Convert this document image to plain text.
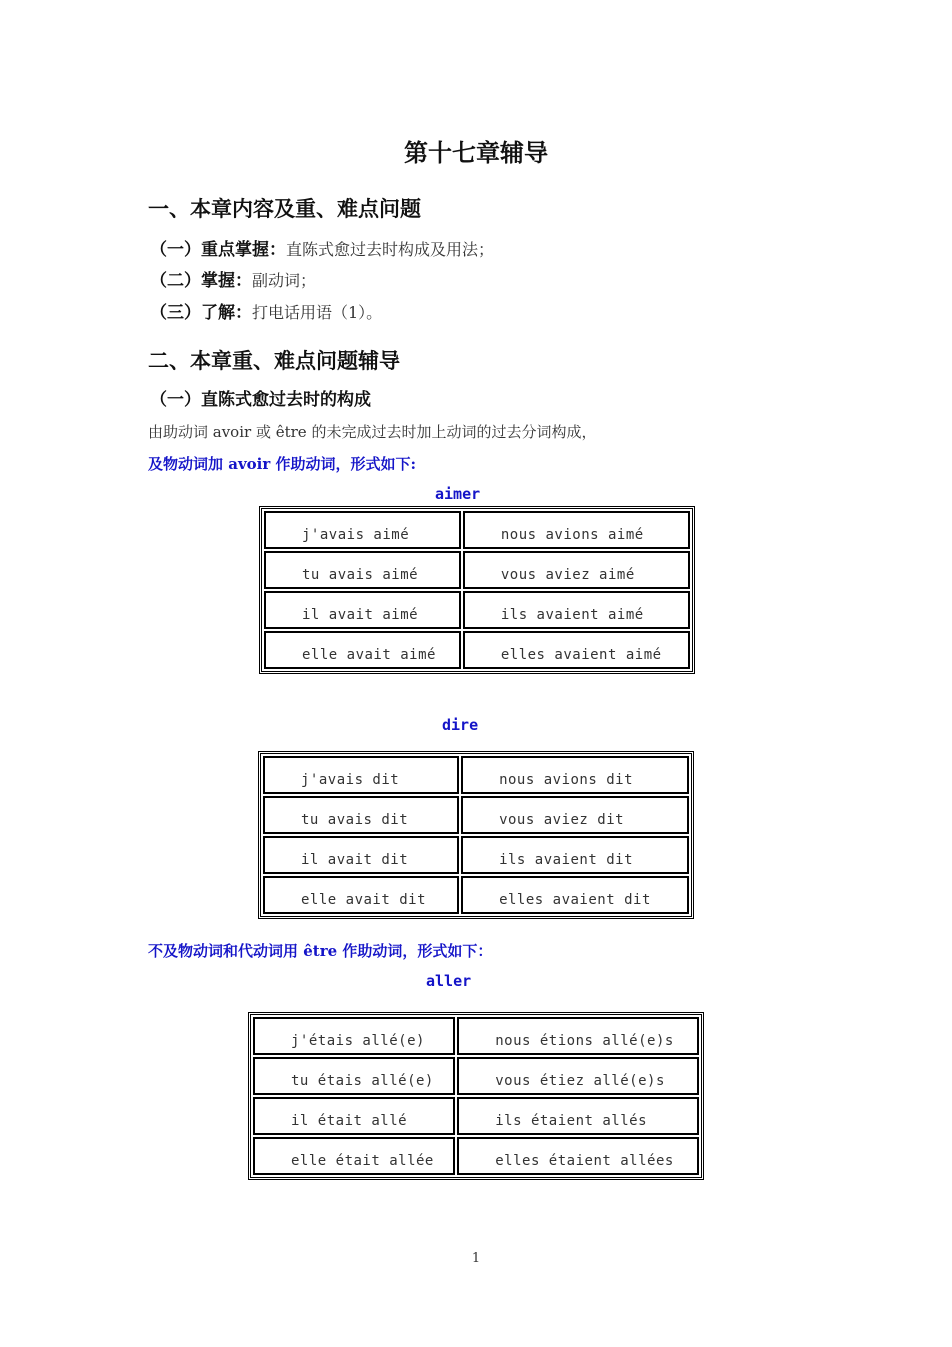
第十七章辅导
一、本章内容及重、难点问题
（一）重点掌握：直陈式愈过去时构成及用法；
（二）掌握：副动词；
（三）了解：打电话用语（1）。
二、本章重、难点问题辅导
（一）直陈式愈过去时的构成
由助动词 avoir 或 être 的未完成过去时加上动词的过去分词构成，
及物动词加 avoir 作助动词，形式如下:
aimer
j'avais aimé	nous avions aimé

tu avais aimé	vous aviez aimé

il avait aimé	ils avaient aimé

elle avait aimé	elles avaient aimé
dire
j'avais dit	nous avions dit

tu avais dit	vous aviez dit

il avait dit	ils avaient dit

elle avait dit	elles avaient dit
不及物动词和代动词用 être 作助动词，形式如下：
aller
j'étais allé(e)	nous étions allé(e)s

tu étais allé(e)	vous étiez allé(e)s

il était allé	ils étaient allés

elle était allée	elles étaient allées
1
